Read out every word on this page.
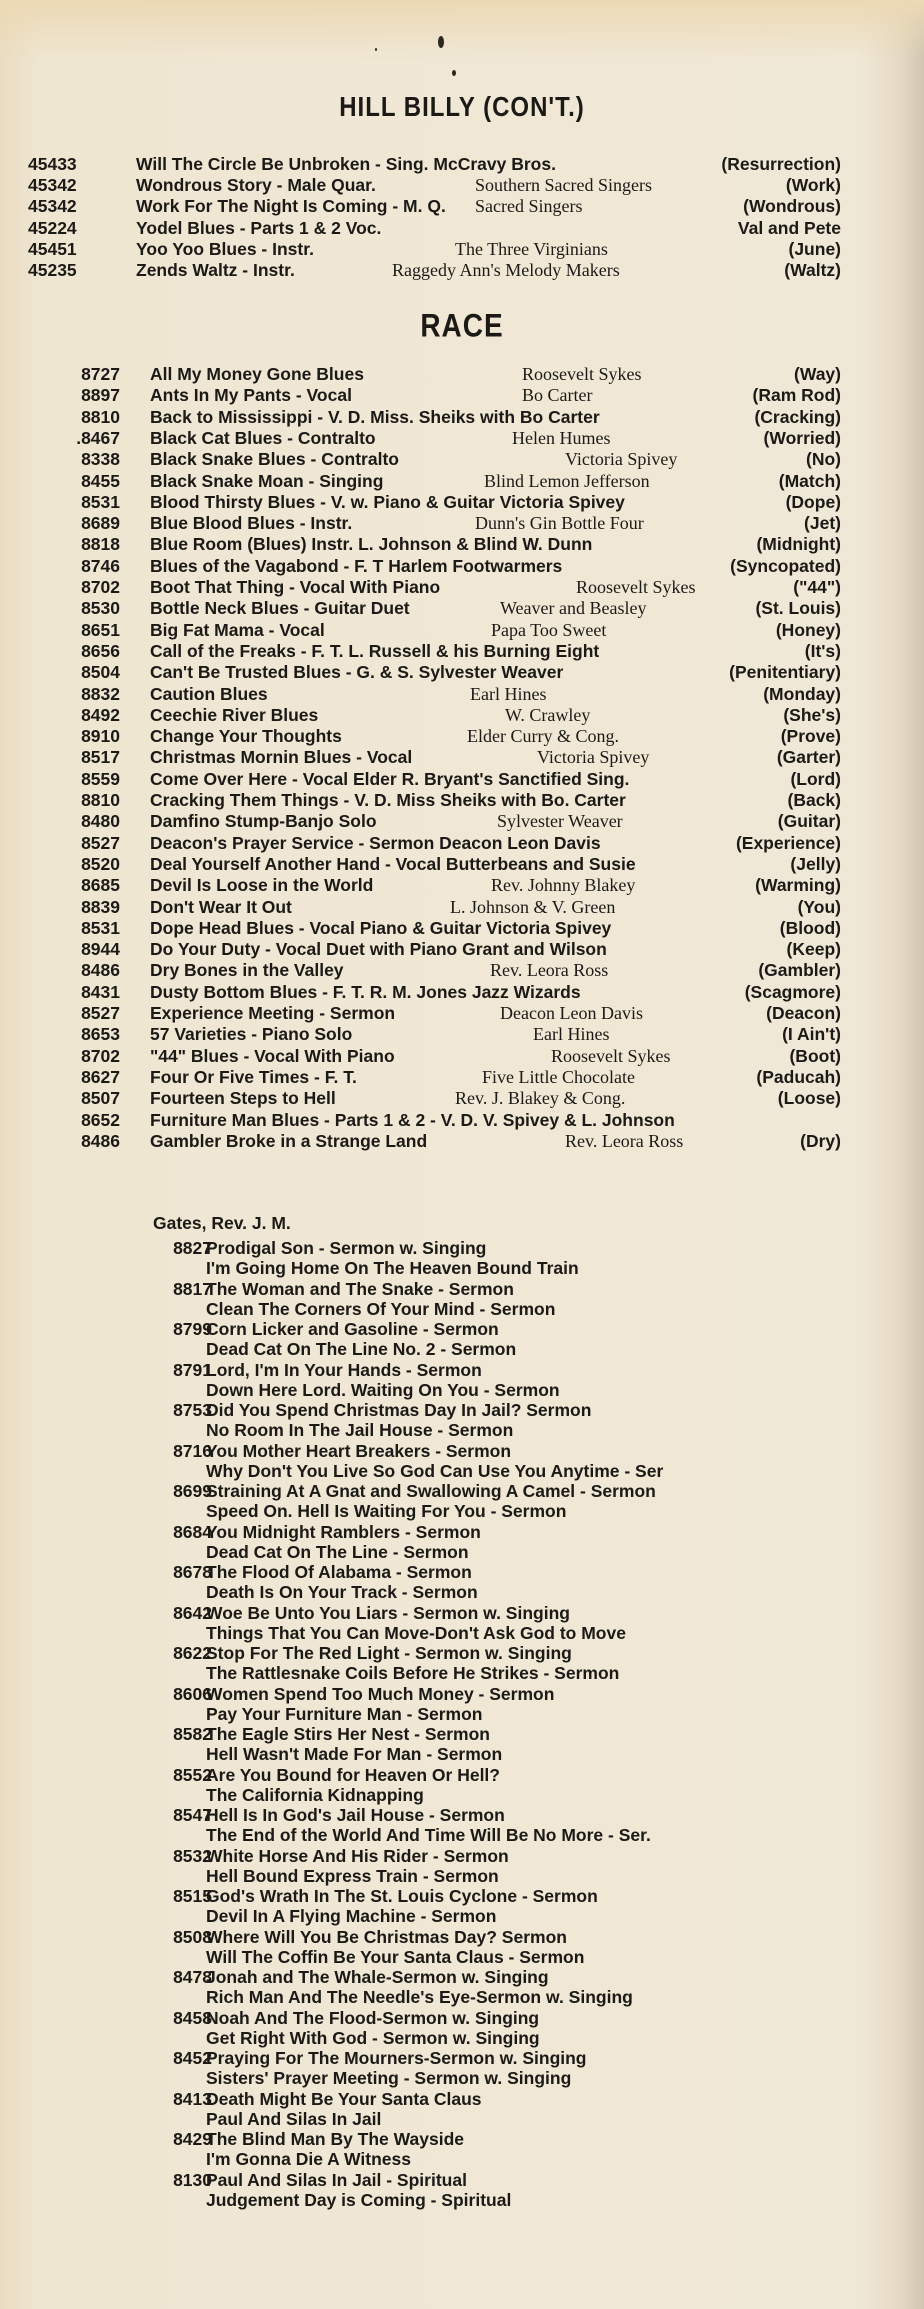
HILL BILLY (CON'T.)
45433	Will The Circle Be Unbroken - Sing. McCravy Bros.	(Resurrection)
45342	Wondrous Story - Male Quar.	Southern Sacred Singers	(Work)
45342	Work For The Night Is Coming - M. Q. Sacred Singers	(Wondrous)
45224	Yodel Blues - Parts 1 & 2 Voc.	Val and Pete
45451	Yoo Yoo Blues - Instr.	The Three Virginians	(June)
45235	Zends Waltz - Instr.	Raggedy Ann's Melody Makers	(Waltz)
RACE
8727 All My Money Gone Blues	Roosevelt Sykes	(Way)
8897 Ants In My Pants - Vocal	Bo Carter	(Ram Rod)
8810 Back to Mississippi - V. D. Miss. Sheiks with Bo Carter	(Cracking)
.8467 Black Cat Blues - Contralto	Helen Humes	(Worried)
8338 Black Snake Blues - Contralto	Victoria Spivey	(No)
8455 Black Snake Moan - Singing	Blind Lemon Jefferson	(Match)
8531 Blood Thirsty Blues - V. w. Piano & Guitar Victoria Spivey	(Dope)
8689 Blue Blood Blues - Instr.	Dunn's Gin Bottle Four	(Jet)
8818 Blue Room (Blues) Instr. L. Johnson & Blind W. Dunn	(Midnight)
8746 Blues of the Vagabond - F. T Harlem Footwarmers	(Syncopated)
8702 Boot That Thing - Vocal With Piano	Roosevelt Sykes	("44")
8530 Bottle Neck Blues - Guitar Duet	Weaver and Beasley	(St. Louis)
8651 Big Fat Mama - Vocal	Papa Too Sweet	(Honey)
8656 Call of the Freaks - F. T. L. Russell & his Burning Eight	(It's)
8504 Can't Be Trusted Blues - G. & S. Sylvester Weaver	(Penitentiary)
8832 Caution Blues	Earl Hines	(Monday)
8492 Ceechie River Blues	W. Crawley	(She's)
8910 Change Your Thoughts	Elder Curry & Cong.	(Prove)
8517 Christmas Mornin Blues - Vocal	Victoria Spivey	(Garter)
8559 Come Over Here - Vocal Elder R. Bryant's Sanctified Sing.	(Lord)
8810 Cracking Them Things - V. D. Miss Sheiks with Bo. Carter	(Back)
8480 Damfino Stump-Banjo Solo	Sylvester Weaver	(Guitar)
8527 Deacon's Prayer Service - Sermon Deacon Leon Davis	(Experience)
8520 Deal Yourself Another Hand - Vocal Butterbeans and Susie	(Jelly)
8685 Devil Is Loose in the World	Rev. Johnny Blakey	(Warming)
8839 Don't Wear It Out	L. Johnson & V. Green	(You)
8531 Dope Head Blues - Vocal Piano & Guitar Victoria Spivey	(Blood)
8944 Do Your Duty - Vocal Duet with Piano Grant and Wilson	(Keep)
8486 Dry Bones in the Valley	Rev. Leora Ross	(Gambler)
8431 Dusty Bottom Blues - F. T. R. M. Jones Jazz Wizards	(Scagmore)
8527 Experience Meeting - Sermon	Deacon Leon Davis	(Deacon)
8653 57 Varieties - Piano Solo	Earl Hines	(I Ain't)
8702 "44" Blues - Vocal With Piano	Roosevelt Sykes	(Boot)
8627 Four Or Five Times - F. T.	Five Little Chocolate	(Paducah)
8507 Fourteen Steps to Hell	Rev. J. Blakey & Cong.	(Loose)
8652 Furniture Man Blues - Parts 1 & 2 - V. D. V. Spivey & L. Johnson
8486 Gambler Broke in a Strange Land	Rev. Leora Ross	(Dry)
Gates, Rev. J. M.
8827
Prodigal Son - Sermon w. Singing
I'm Going Home On The Heaven Bound Train
8817
The Woman and The Snake - Sermon
Clean The Corners Of Your Mind - Sermon
8799
Corn Licker and Gasoline - Sermon
Dead Cat On The Line No. 2 - Sermon
8791
Lord, I'm In Your Hands - Sermon
Down Here Lord. Waiting On You - Sermon
8753
Did You Spend Christmas Day In Jail? Sermon
No Room In The Jail House - Sermon
8716
You Mother Heart Breakers - Sermon
Why Don't You Live So God Can Use You Anytime - Ser
8699
Straining At A Gnat and Swallowing A Camel - Sermon
Speed On. Hell Is Waiting For You - Sermon
8684
You Midnight Ramblers - Sermon
Dead Cat On The Line - Sermon
8678
The Flood Of Alabama - Sermon
Death Is On Your Track - Sermon
8642
Woe Be Unto You Liars - Sermon w. Singing
Things That You Can Move-Don't Ask God to Move
8622
Stop For The Red Light - Sermon w. Singing
The Rattlesnake Coils Before He Strikes - Sermon
8606
Women Spend Too Much Money - Sermon
Pay Your Furniture Man - Sermon
8582
The Eagle Stirs Her Nest - Sermon
Hell Wasn't Made For Man - Sermon
8552
Are You Bound for Heaven Or Hell?
The California Kidnapping
8547
Hell Is In God's Jail House - Sermon
The End of the World And Time Will Be No More - Ser.
8532
White Horse And His Rider - Sermon
Hell Bound Express Train - Sermon
8515
God's Wrath In The St. Louis Cyclone - Sermon
Devil In A Flying Machine - Sermon
8508
Where Will You Be Christmas Day? Sermon
Will The Coffin Be Your Santa Claus - Sermon
8478
Jonah and The Whale-Sermon w. Singing
Rich Man And The Needle's Eye-Sermon w. Singing
8458
Noah And The Flood-Sermon w. Singing
Get Right With God - Sermon w. Singing
8452
Praying For The Mourners-Sermon w. Singing
Sisters' Prayer Meeting - Sermon w. Singing
8413
Death Might Be Your Santa Claus
Paul And Silas In Jail
8429
The Blind Man By The Wayside
I'm Gonna Die A Witness
8130
Paul And Silas In Jail - Spiritual
Judgement Day is Coming - Spiritual
